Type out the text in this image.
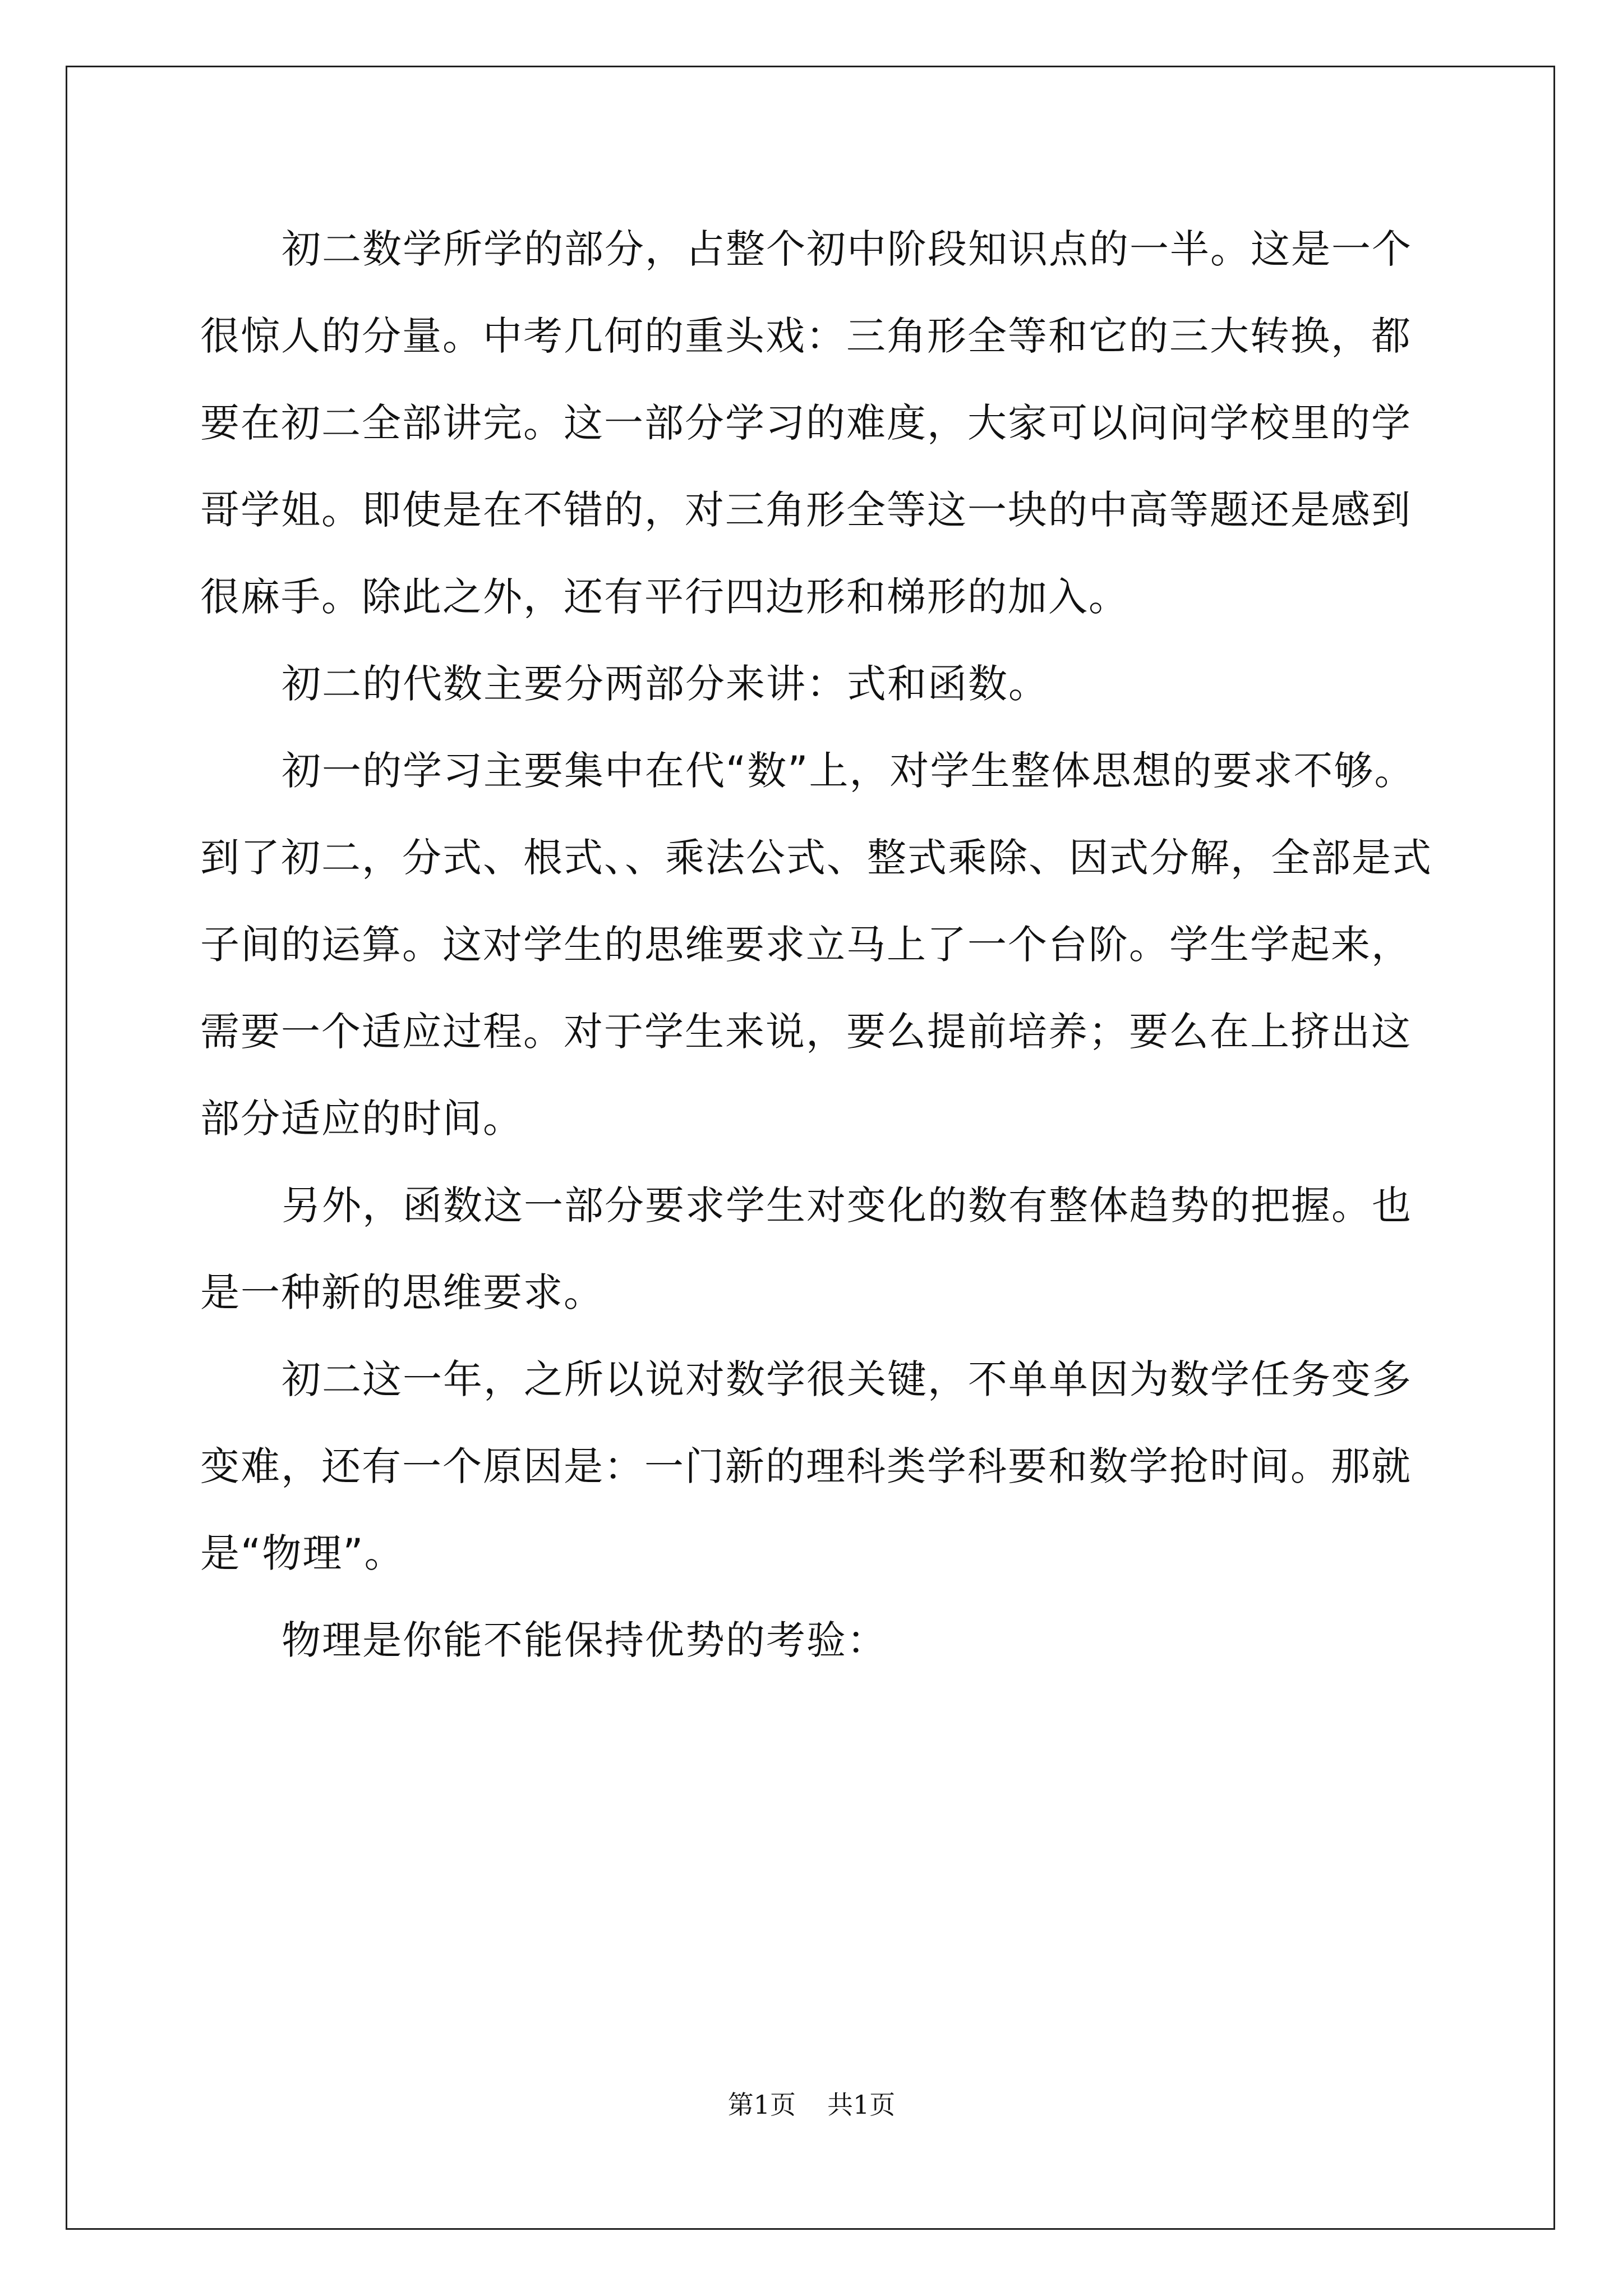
初二数学所学的部分，占整个初中阶段知识点的一半。这是一个
很惊人的分量。中考几何的重头戏：三角形全等和它的三大转换，都
要在初二全部讲完。这一部分学习的难度，大家可以问问学校里的学
哥学姐。即使是在不错的，对三角形全等这一块的中高等题还是感到
很麻手。除此之外，还有平行四边形和梯形的加入。
初二的代数主要分两部分来讲：式和函数。
初一的学习主要集中在代“数”上，对学生整体思想的要求不够。
到了初二，分式、根式、、乘法公式、整式乘除、因式分解，全部是式
子间的运算。这对学生的思维要求立马上了一个台阶。学生学起来，
需要一个适应过程。对于学生来说，要么提前培养；要么在上挤出这
部分适应的时间。
另外，函数这一部分要求学生对变化的数有整体趋势的把握。也
是一种新的思维要求。
初二这一年，之所以说对数学很关键，不单单因为数学任务变多
变难，还有一个原因是：一门新的理科类学科要和数学抢时间。那就
是“物理”。
物理是你能不能保持优势的考验：
第1页 共1页
